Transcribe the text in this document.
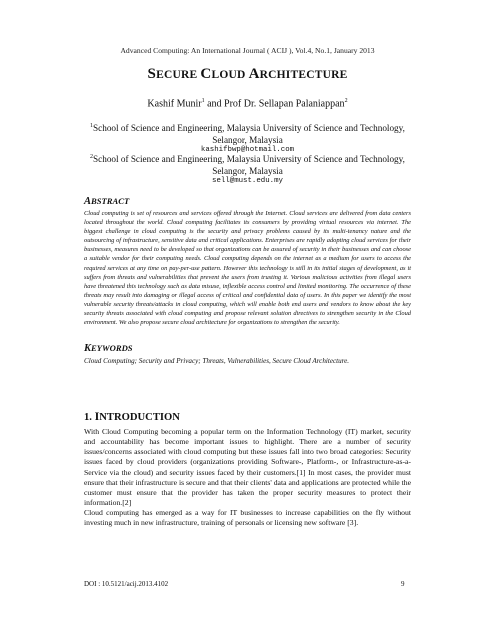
Advanced Computing: An International Journal ( ACIJ ), Vol.4, No.1, January 2013
SECURE CLOUD ARCHITECTURE
Kashif Munir$^1$ and Prof Dr. Sellapan Palaniappan$^2$
$^1$School of Science and Engineering, Malaysia University of Science and Technology,
Selangor, Malaysia
kashifbwp@hotmail.com
$^2$School of Science and Engineering, Malaysia University of Science and Technology,
Selangor, Malaysia
sell@must.edu.my
ABSTRACT
Cloud computing is set of resources and services offered through the Internet. Cloud services are delivered from data centers located throughout the world. Cloud computing facilitates its consumers by providing virtual resources via internet. The biggest challenge in cloud computing is the security and privacy problems caused by its multi-tenancy nature and the outsourcing of infrastructure, sensitive data and critical applications. Enterprises are rapidly adopting cloud services for their businesses, measures need to be developed so that organizations can be assured of security in their businesses and can choose a suitable vendor for their computing needs. Cloud computing depends on the internet as a medium for users to access the required services at any time on pay-per-use pattern. However this technology is still in its initial stages of development, as it suffers from threats and vulnerabilities that prevent the users from trusting it. Various malicious activities from illegal users have threatened this technology such as data misuse, inflexible access control and limited monitoring. The occurrence of these threats may result into damaging or illegal access of critical and confidential data of users. In this paper we identify the most vulnerable security threats/attacks in cloud computing, which will enable both end users and vendors to know about the key security threats associated with cloud computing and propose relevant solution directives to strengthen security in the Cloud environment. We also propose secure cloud architecture for organizations to strengthen the security.
KEYWORDS
Cloud Computing; Security and Privacy; Threats, Vulnerabilities, Secure Cloud Architecture.
1. INTRODUCTION

With Cloud Computing becoming a popular term on the Information Technology (IT) market, security and accountability has become important issues to highlight. There are a number of security issues/concerns associated with cloud computing but these issues fall into two broad categories: Security issues faced by cloud providers (organizations providing Software-, Platform-, or Infrastructure-as-a-Service via the cloud) and security issues faced by their customers.[1] In most cases, the provider must ensure that their infrastructure is secure and that their clients' data and applications are protected while the customer must ensure that the provider has taken the proper security measures to protect their information.[2]

Cloud computing has emerged as a way for IT businesses to increase capabilities on the fly without investing much in new infrastructure, training of personals or licensing new software [3].

DOI : 10.5121/acij.2013.4102	9
